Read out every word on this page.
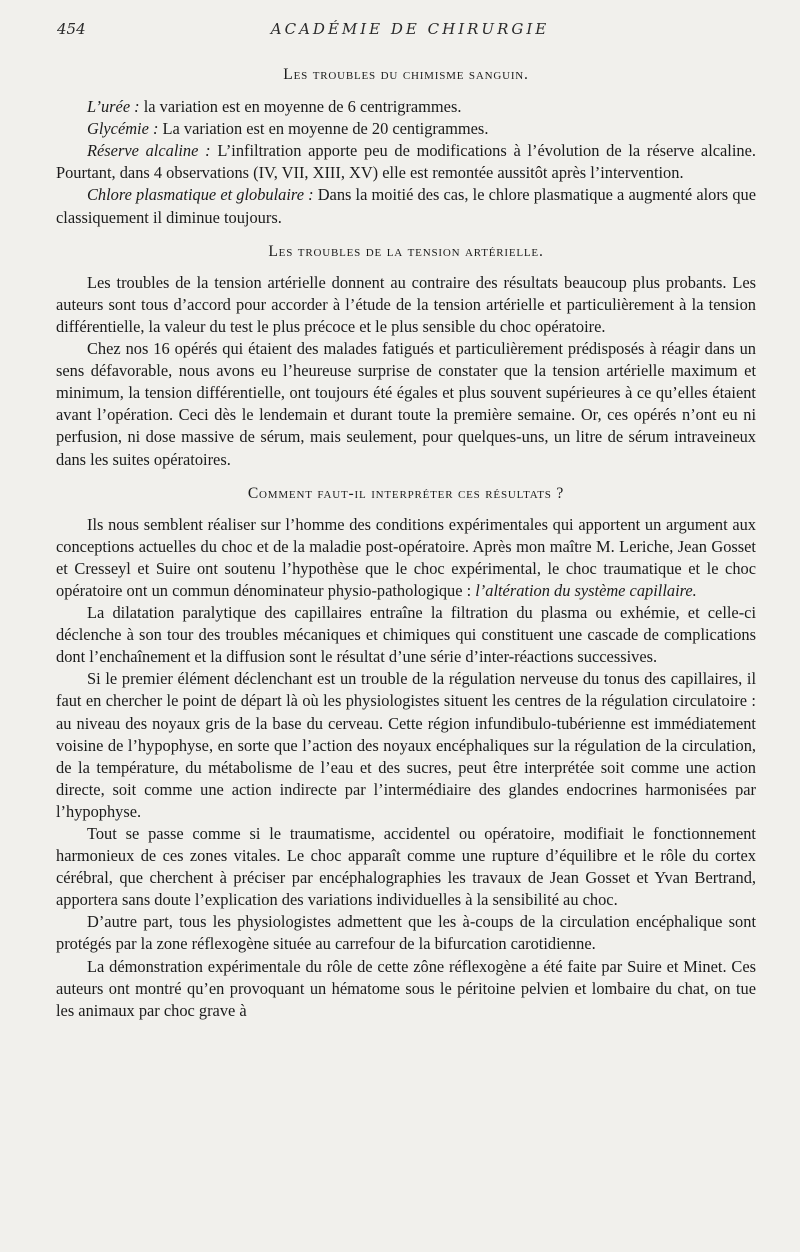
454	ACADÉMIE DE CHIRURGIE
Les troubles du chimisme sanguin.

L’urée : la variation est en moyenne de 6 centrigrammes.

Glycémie : La variation est en moyenne de 20 centigrammes.

Réserve alcaline : L’infiltration apporte peu de modifications à l’évolution de la réserve alcaline. Pourtant, dans 4 observations (IV, VII, XIII, XV) elle est remontée aussitôt après l’intervention.

Chlore plasmatique et globulaire : Dans la moitié des cas, le chlore plasmatique a augmenté alors que classiquement il diminue toujours.

Les troubles de la tension artérielle.

Les troubles de la tension artérielle donnent au contraire des résultats beaucoup plus probants. Les auteurs sont tous d’accord pour accorder à l’étude de la tension artérielle et particulièrement à la tension différentielle, la valeur du test le plus précoce et le plus sensible du choc opératoire.

Chez nos 16 opérés qui étaient des malades fatigués et particulièrement prédisposés à réagir dans un sens défavorable, nous avons eu l’heureuse surprise de constater que la tension artérielle maximum et minimum, la tension différentielle, ont toujours été égales et plus souvent supérieures à ce qu’elles étaient avant l’opération. Ceci dès le lendemain et durant toute la première semaine. Or, ces opérés n’ont eu ni perfusion, ni dose massive de sérum, mais seulement, pour quelques-uns, un litre de sérum intraveineux dans les suites opératoires.

Comment faut-il interpréter ces résultats ?

Ils nous semblent réaliser sur l’homme des conditions expérimentales qui apportent un argument aux conceptions actuelles du choc et de la maladie post-opératoire. Après mon maître M. Leriche, Jean Gosset et Cresseyl et Suire ont soutenu l’hypothèse que le choc expérimental, le choc traumatique et le choc opératoire ont un commun dénominateur physio-pathologique : l’altération du système capillaire.

La dilatation paralytique des capillaires entraîne la filtration du plasma ou exhémie, et celle-ci déclenche à son tour des troubles mécaniques et chimiques qui constituent une cascade de complications dont l’enchaînement et la diffusion sont le résultat d’une série d’inter-réactions successives.

Si le premier élément déclenchant est un trouble de la régulation nerveuse du tonus des capillaires, il faut en chercher le point de départ là où les physiologistes situent les centres de la régulation circulatoire : au niveau des noyaux gris de la base du cerveau. Cette région infundibulo-tubérienne est immédiatement voisine de l’hypophyse, en sorte que l’action des noyaux encéphaliques sur la régulation de la circulation, de la température, du métabolisme de l’eau et des sucres, peut être interprétée soit comme une action directe, soit comme une action indirecte par l’intermédiaire des glandes endocrines harmonisées par l’hypophyse.

Tout se passe comme si le traumatisme, accidentel ou opératoire, modifiait le fonctionnement harmonieux de ces zones vitales. Le choc apparaît comme une rupture d’équilibre et le rôle du cortex cérébral, que cherchent à préciser par encéphalographies les travaux de Jean Gosset et Yvan Bertrand, apportera sans doute l’explication des variations individuelles à la sensibilité au choc.

D’autre part, tous les physiologistes admettent que les à-coups de la circulation encéphalique sont protégés par la zone réflexogène située au carrefour de la bifurcation carotidienne.

La démonstration expérimentale du rôle de cette zône réflexogène a été faite par Suire et Minet. Ces auteurs ont montré qu’en provoquant un hématome sous le péritoine pelvien et lombaire du chat, on tue les animaux par choc grave à
